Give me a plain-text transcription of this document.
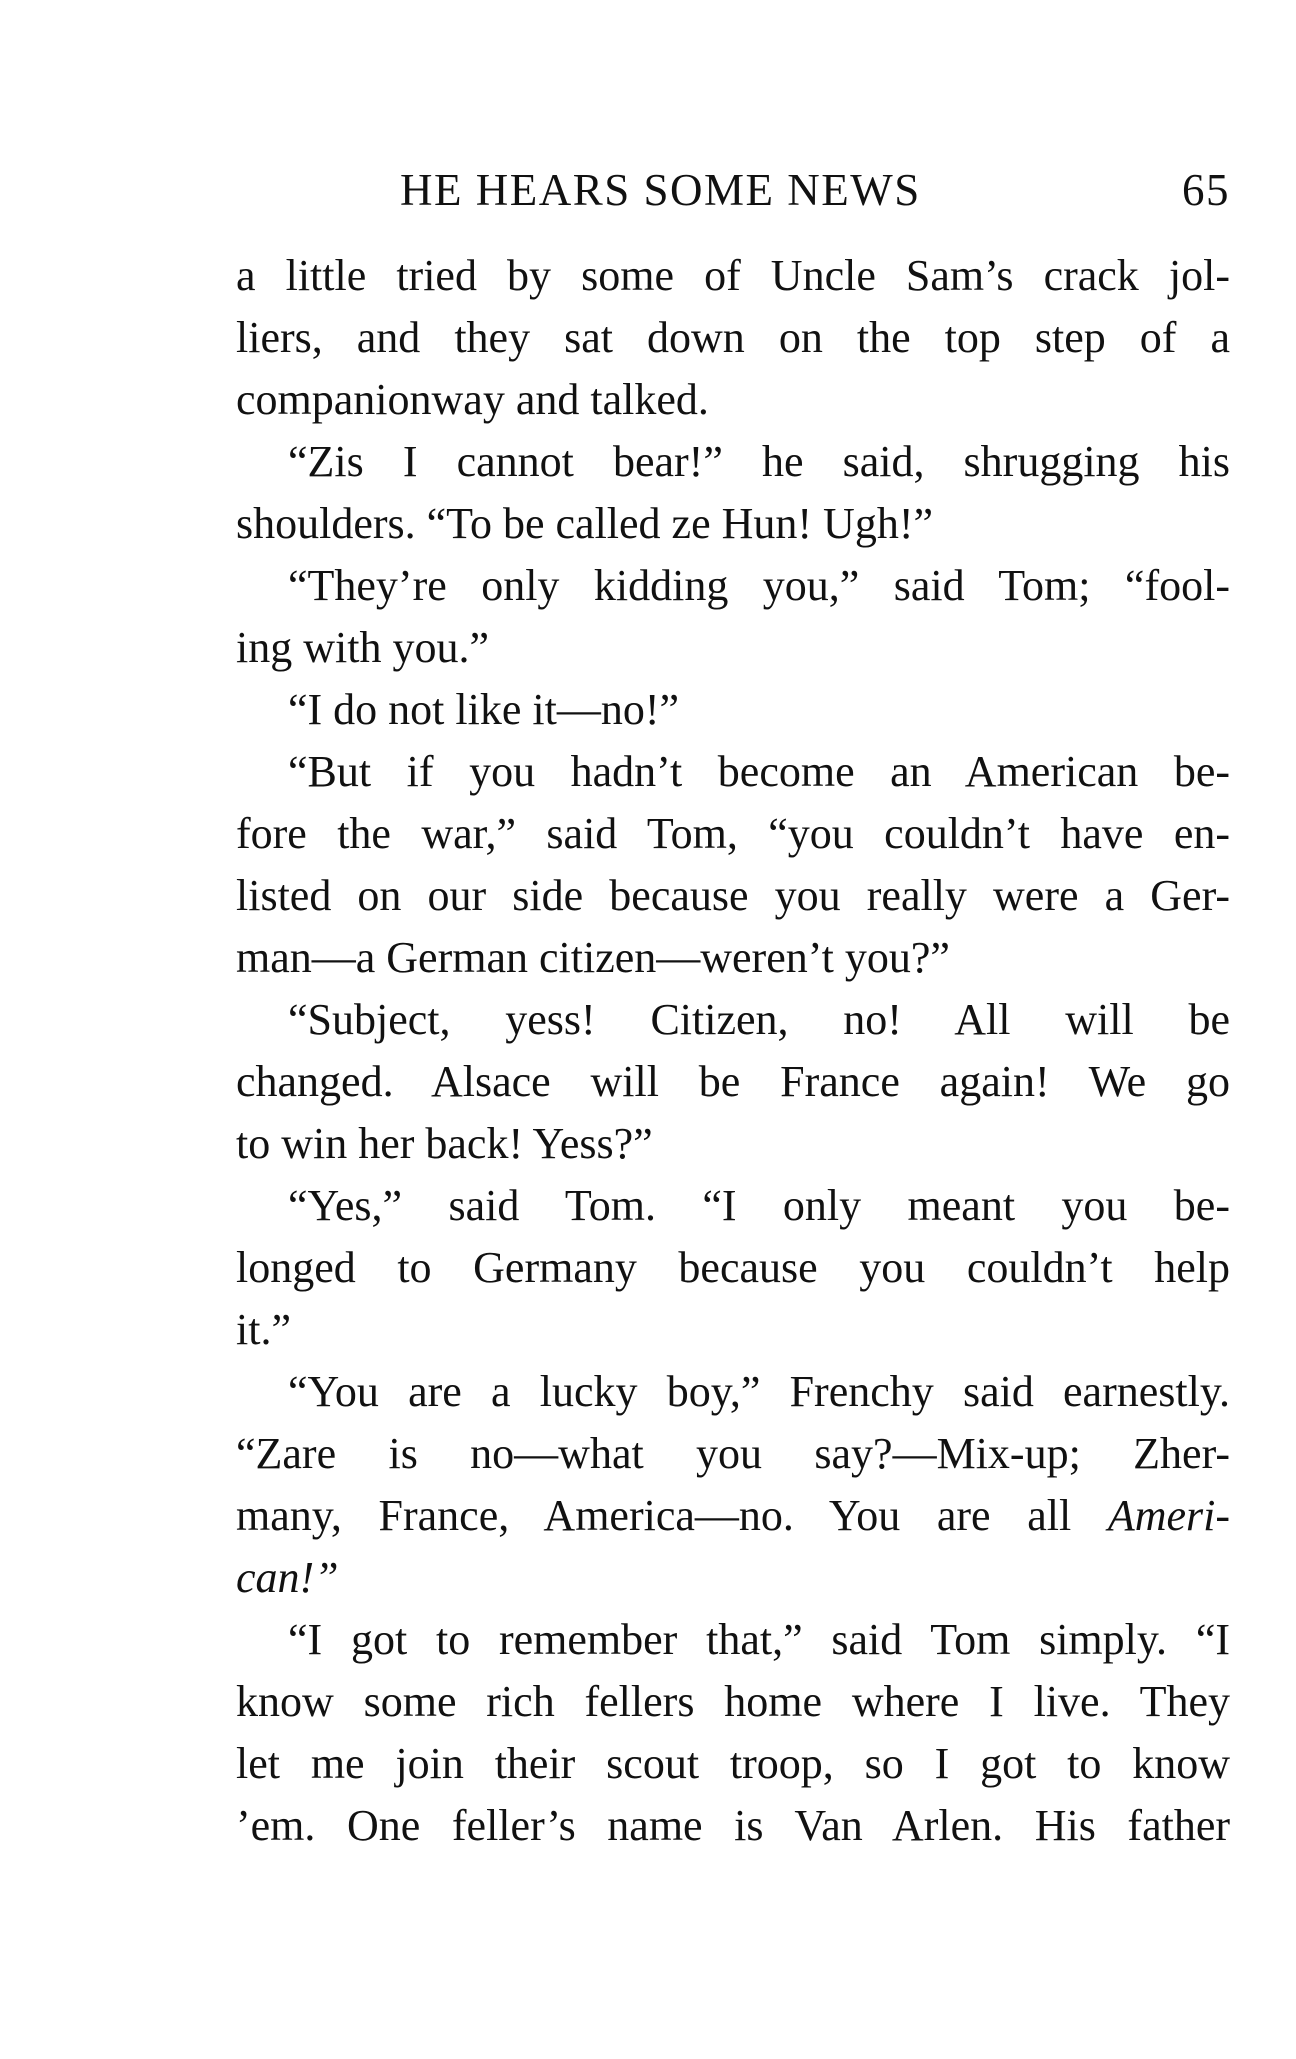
HE HEARS SOME NEWS	65
a little tried by some of Uncle Sam’s crack jol-
liers, and they sat down on the top step of a
companionway and talked.
“Zis I cannot bear!” he said, shrugging his
shoulders. “To be called ze Hun! Ugh!”
“They’re only kidding you,” said Tom; “fool-
ing with you.”
“I do not like it—no!”
“But if you hadn’t become an American be-
fore the war,” said Tom, “you couldn’t have en-
listed on our side because you really were a Ger-
man—a German citizen—weren’t you?”
“Subject, yess! Citizen, no! All will be
changed. Alsace will be France again! We go
to win her back! Yess?”
“Yes,” said Tom. “I only meant you be-
longed to Germany because you couldn’t help
it.”
“You are a lucky boy,” Frenchy said earnestly.
“Zare is no—what you say?—Mix-up; Zher-
many, France, America—no. You are all Ameri-
can!”
“I got to remember that,” said Tom simply. “I
know some rich fellers home where I live. They
let me join their scout troop, so I got to know
’em. One feller’s name is Van Arlen. His father
